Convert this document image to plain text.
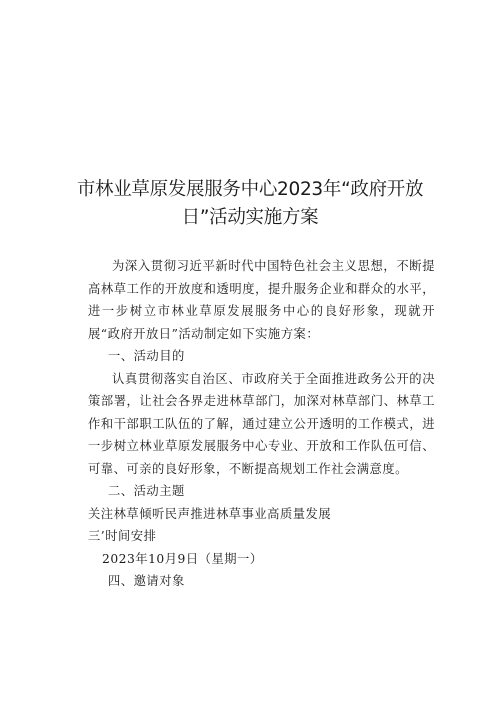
市林业草原发展服务中心2023年“政府开放
日”活动实施方案

为深入贯彻习近平新时代中国特色社会主义思想，不断提高林草工作的开放度和透明度，提升服务企业和群众的水平，进一步树立市林业草原发展服务中心的良好形象，现就开展“政府开放日”活动制定如下实施方案：

一、活动目的

认真贯彻落实自治区、市政府关于全面推进政务公开的决策部署，让社会各界走进林草部门，加深对林草部门、林草工作和干部职工队伍的了解，通过建立公开透明的工作模式，进一步树立林业草原发展服务中心专业、开放和工作队伍可信、可靠、可亲的良好形象，不断提高规划工作社会满意度。

二、活动主题

关注林草倾听民声推进林草事业高质量发展

三’时间安排

2023年10月9日（星期一）

四、邀请对象
